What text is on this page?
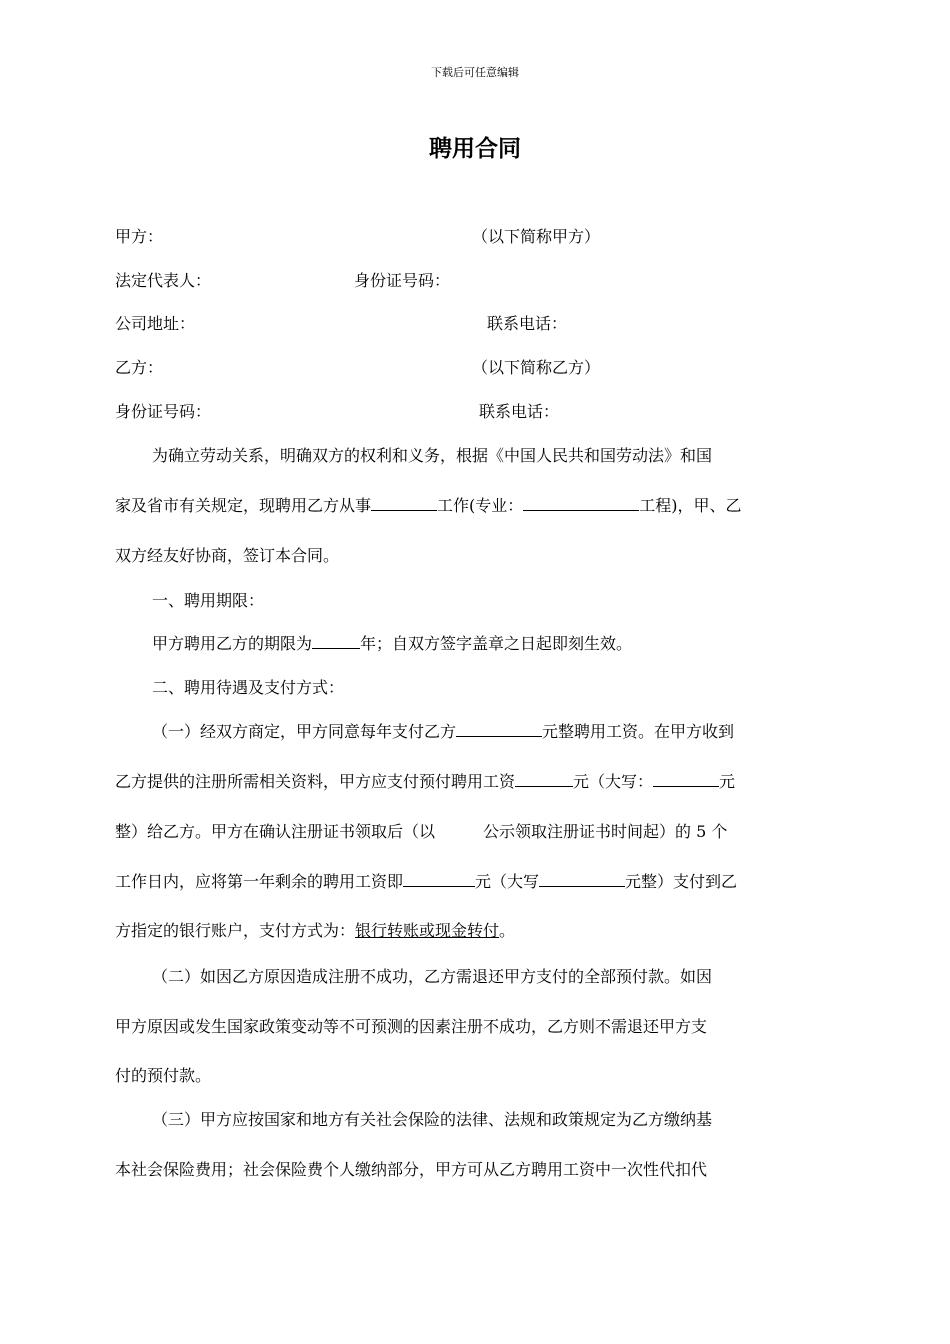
下载后可任意编辑
聘用合同
甲方：	（以下简称甲方）
法定代表人：	身份证号码：
公司地址：	联系电话：
乙方：	（以下简称乙方）
身份证号码：	联系电话：
为确立劳动关系，明确双方的权利和义务，根据《中国人民共和国劳动法》和国
家及省市有关规定，现聘用乙方从事	工作(专业：	工程)，甲、乙
双方经友好协商，签订本合同。
一、聘用期限：
甲方聘用乙方的期限为	年；自双方签字盖章之日起即刻生效。
二、聘用待遇及支付方式：
（一）经双方商定，甲方同意每年支付乙方	元整聘用工资。在甲方收到
乙方提供的注册所需相关资料，甲方应支付预付聘用工资	元（大写：	元
整）给乙方。甲方在确认注册证书领取后（以　　　公示领取注册证书时间起）的 5 个
工作日内，应将第一年剩余的聘用工资即	元（大写	元整）支付到乙
方指定的银行账户，支付方式为：银行转账或现金转付。
（二）如因乙方原因造成注册不成功，乙方需退还甲方支付的全部预付款。如因
甲方原因或发生国家政策变动等不可预测的因素注册不成功，乙方则不需退还甲方支
付的预付款。
（三）甲方应按国家和地方有关社会保险的法律、法规和政策规定为乙方缴纳基
本社会保险费用；社会保险费个人缴纳部分，甲方可从乙方聘用工资中一次性代扣代
